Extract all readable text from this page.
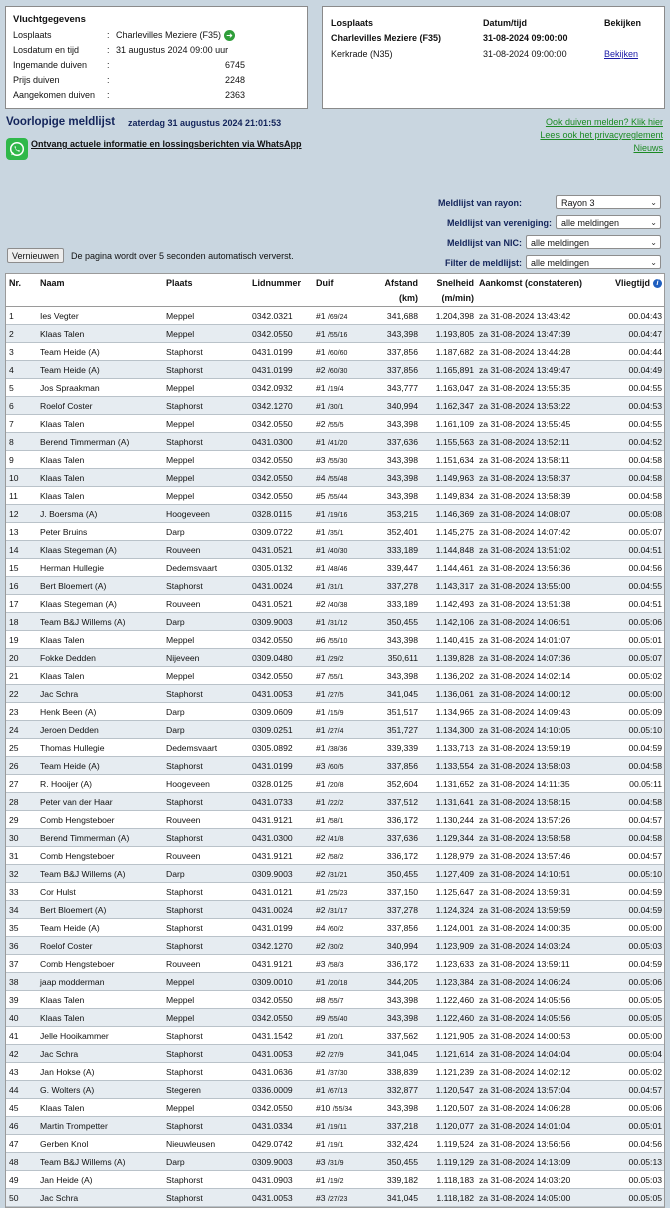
Vluchtgegevens
Losplaats	: Charlevilles Meziere (F35) ➜
Losdatum en tijd	: 31 augustus 2024 09:00 uur
Ingemande duiven	:	6745
Prijs duiven	:	2248
Aangekomen duiven	:	2363
Losplaats	Datum/tijd	Bekijken
Charlevilles Meziere (F35)	31-08-2024 09:00:00
Kerkrade (N35)	31-08-2024 09:00:00	Bekijken
Voorlopige meldlijst zaterdag 31 augustus 2024 21:01:53	Ook duiven melden? Klik hier
Lees ook het privacyreglement
Nieuws
Ontvang actuele informatie en lossingsberichten via WhatsApp
Meldlijst van rayon:	Rayon 3	⌄
Meldlijst van vereniging:	alle meldingen	⌄
Meldlijst van NIC:	alle meldingen	⌄
Filter de meldlijst:	alle meldingen	⌄
Vernieuwen	De pagina wordt over 5 seconden automatisch ververst.
Nr.	Naam	Plaats	Lidnummer	Duif	Afstand
(km)	Snelheid
(m/min)	Aankomst (constateren)	Vliegtijd i
1	Ies Vegter	Meppel	0342.0321	#1 /69/24	341,688	1.204,398	za 31-08-2024 13:43:42	00.04:43
2	Klaas Talen	Meppel	0342.0550	#1 /55/16	343,398	1.193,805	za 31-08-2024 13:47:39	00.04:47
3	Team Heide (A)	Staphorst	0431.0199	#1 /60/60	337,856	1.187,682	za 31-08-2024 13:44:28	00.04:44
4	Team Heide (A)	Staphorst	0431.0199	#2 /60/30	337,856	1.165,891	za 31-08-2024 13:49:47	00.04:49
5	Jos Spraakman	Meppel	0342.0932	#1 /19/4	343,777	1.163,047	za 31-08-2024 13:55:35	00.04:55
6	Roelof Coster	Staphorst	0342.1270	#1 /30/1	340,994	1.162,347	za 31-08-2024 13:53:22	00.04:53
7	Klaas Talen	Meppel	0342.0550	#2 /55/5	343,398	1.161,109	za 31-08-2024 13:55:45	00.04:55
8	Berend Timmerman (A)	Staphorst	0431.0300	#1 /41/20	337,636	1.155,563	za 31-08-2024 13:52:11	00.04:52
9	Klaas Talen	Meppel	0342.0550	#3 /55/30	343,398	1.151,634	za 31-08-2024 13:58:11	00.04:58
10	Klaas Talen	Meppel	0342.0550	#4 /55/48	343,398	1.149,963	za 31-08-2024 13:58:37	00.04:58
11	Klaas Talen	Meppel	0342.0550	#5 /55/44	343,398	1.149,834	za 31-08-2024 13:58:39	00.04:58
12	J. Boersma (A)	Hoogeveen	0328.0115	#1 /19/16	353,215	1.146,369	za 31-08-2024 14:08:07	00.05:08
13	Peter Bruins	Darp	0309.0722	#1 /35/1	352,401	1.145,275	za 31-08-2024 14:07:42	00.05:07
14	Klaas Stegeman (A)	Rouveen	0431.0521	#1 /40/30	333,189	1.144,848	za 31-08-2024 13:51:02	00.04:51
15	Herman Hullegie	Dedemsvaart	0305.0132	#1 /48/46	339,447	1.144,461	za 31-08-2024 13:56:36	00.04:56
16	Bert Bloemert (A)	Staphorst	0431.0024	#1 /31/1	337,278	1.143,317	za 31-08-2024 13:55:00	00.04:55
17	Klaas Stegeman (A)	Rouveen	0431.0521	#2 /40/38	333,189	1.142,493	za 31-08-2024 13:51:38	00.04:51
18	Team B&J Willems (A)	Darp	0309.9003	#1 /31/12	350,455	1.142,106	za 31-08-2024 14:06:51	00.05:06
19	Klaas Talen	Meppel	0342.0550	#6 /55/10	343,398	1.140,415	za 31-08-2024 14:01:07	00.05:01
20	Fokke Dedden	Nijeveen	0309.0480	#1 /29/2	350,611	1.139,828	za 31-08-2024 14:07:36	00.05:07
21	Klaas Talen	Meppel	0342.0550	#7 /55/1	343,398	1.136,202	za 31-08-2024 14:02:14	00.05:02
22	Jac Schra	Staphorst	0431.0053	#1 /27/5	341,045	1.136,061	za 31-08-2024 14:00:12	00.05:00
23	Henk Been (A)	Darp	0309.0609	#1 /15/9	351,517	1.134,965	za 31-08-2024 14:09:43	00.05:09
24	Jeroen Dedden	Darp	0309.0251	#1 /27/4	351,727	1.134,300	za 31-08-2024 14:10:05	00.05:10
25	Thomas Hullegie	Dedemsvaart	0305.0892	#1 /38/36	339,339	1.133,713	za 31-08-2024 13:59:19	00.04:59
26	Team Heide (A)	Staphorst	0431.0199	#3 /60/5	337,856	1.133,554	za 31-08-2024 13:58:03	00.04:58
27	R. Hooijer (A)	Hoogeveen	0328.0125	#1 /20/8	352,604	1.131,652	za 31-08-2024 14:11:35	00.05:11
28	Peter van der Haar	Staphorst	0431.0733	#1 /22/2	337,512	1.131,641	za 31-08-2024 13:58:15	00.04:58
29	Comb Hengsteboer	Rouveen	0431.9121	#1 /58/1	336,172	1.130,244	za 31-08-2024 13:57:26	00.04:57
30	Berend Timmerman (A)	Staphorst	0431.0300	#2 /41/8	337,636	1.129,344	za 31-08-2024 13:58:58	00.04:58
31	Comb Hengsteboer	Rouveen	0431.9121	#2 /58/2	336,172	1.128,979	za 31-08-2024 13:57:46	00.04:57
32	Team B&J Willems (A)	Darp	0309.9003	#2 /31/21	350,455	1.127,409	za 31-08-2024 14:10:51	00.05:10
33	Cor Hulst	Staphorst	0431.0121	#1 /25/23	337,150	1.125,647	za 31-08-2024 13:59:31	00.04:59
34	Bert Bloemert (A)	Staphorst	0431.0024	#2 /31/17	337,278	1.124,324	za 31-08-2024 13:59:59	00.04:59
35	Team Heide (A)	Staphorst	0431.0199	#4 /60/2	337,856	1.124,001	za 31-08-2024 14:00:35	00.05:00
36	Roelof Coster	Staphorst	0342.1270	#2 /30/2	340,994	1.123,909	za 31-08-2024 14:03:24	00.05:03
37	Comb Hengsteboer	Rouveen	0431.9121	#3 /58/3	336,172	1.123,633	za 31-08-2024 13:59:11	00.04:59
38	jaap modderman	Meppel	0309.0010	#1 /20/18	344,205	1.123,384	za 31-08-2024 14:06:24	00.05:06
39	Klaas Talen	Meppel	0342.0550	#8 /55/7	343,398	1.122,460	za 31-08-2024 14:05:56	00.05:05
40	Klaas Talen	Meppel	0342.0550	#9 /55/40	343,398	1.122,460	za 31-08-2024 14:05:56	00.05:05
41	Jelle Hooikammer	Staphorst	0431.1542	#1 /20/1	337,562	1.121,905	za 31-08-2024 14:00:53	00.05:00
42	Jac Schra	Staphorst	0431.0053	#2 /27/9	341,045	1.121,614	za 31-08-2024 14:04:04	00.05:04
43	Jan Hokse (A)	Staphorst	0431.0636	#1 /37/30	338,839	1.121,239	za 31-08-2024 14:02:12	00.05:02
44	G. Wolters (A)	Stegeren	0336.0009	#1 /67/13	332,877	1.120,547	za 31-08-2024 13:57:04	00.04:57
45	Klaas Talen	Meppel	0342.0550	#10 /55/34	343,398	1.120,507	za 31-08-2024 14:06:28	00.05:06
46	Martin Trompetter	Staphorst	0431.0334	#1 /19/11	337,218	1.120,077	za 31-08-2024 14:01:04	00.05:01
47	Gerben Knol	Nieuwleusen	0429.0742	#1 /19/1	332,424	1.119,524	za 31-08-2024 13:56:56	00.04:56
48	Team B&J Willems (A)	Darp	0309.9003	#3 /31/9	350,455	1.119,129	za 31-08-2024 14:13:09	00.05:13
49	Jan Heide (A)	Staphorst	0431.0903	#1 /19/2	339,182	1.118,183	za 31-08-2024 14:03:20	00.05:03
50	Jac Schra	Staphorst	0431.0053	#3 /27/23	341,045	1.118,182	za 31-08-2024 14:05:00	00.05:05
